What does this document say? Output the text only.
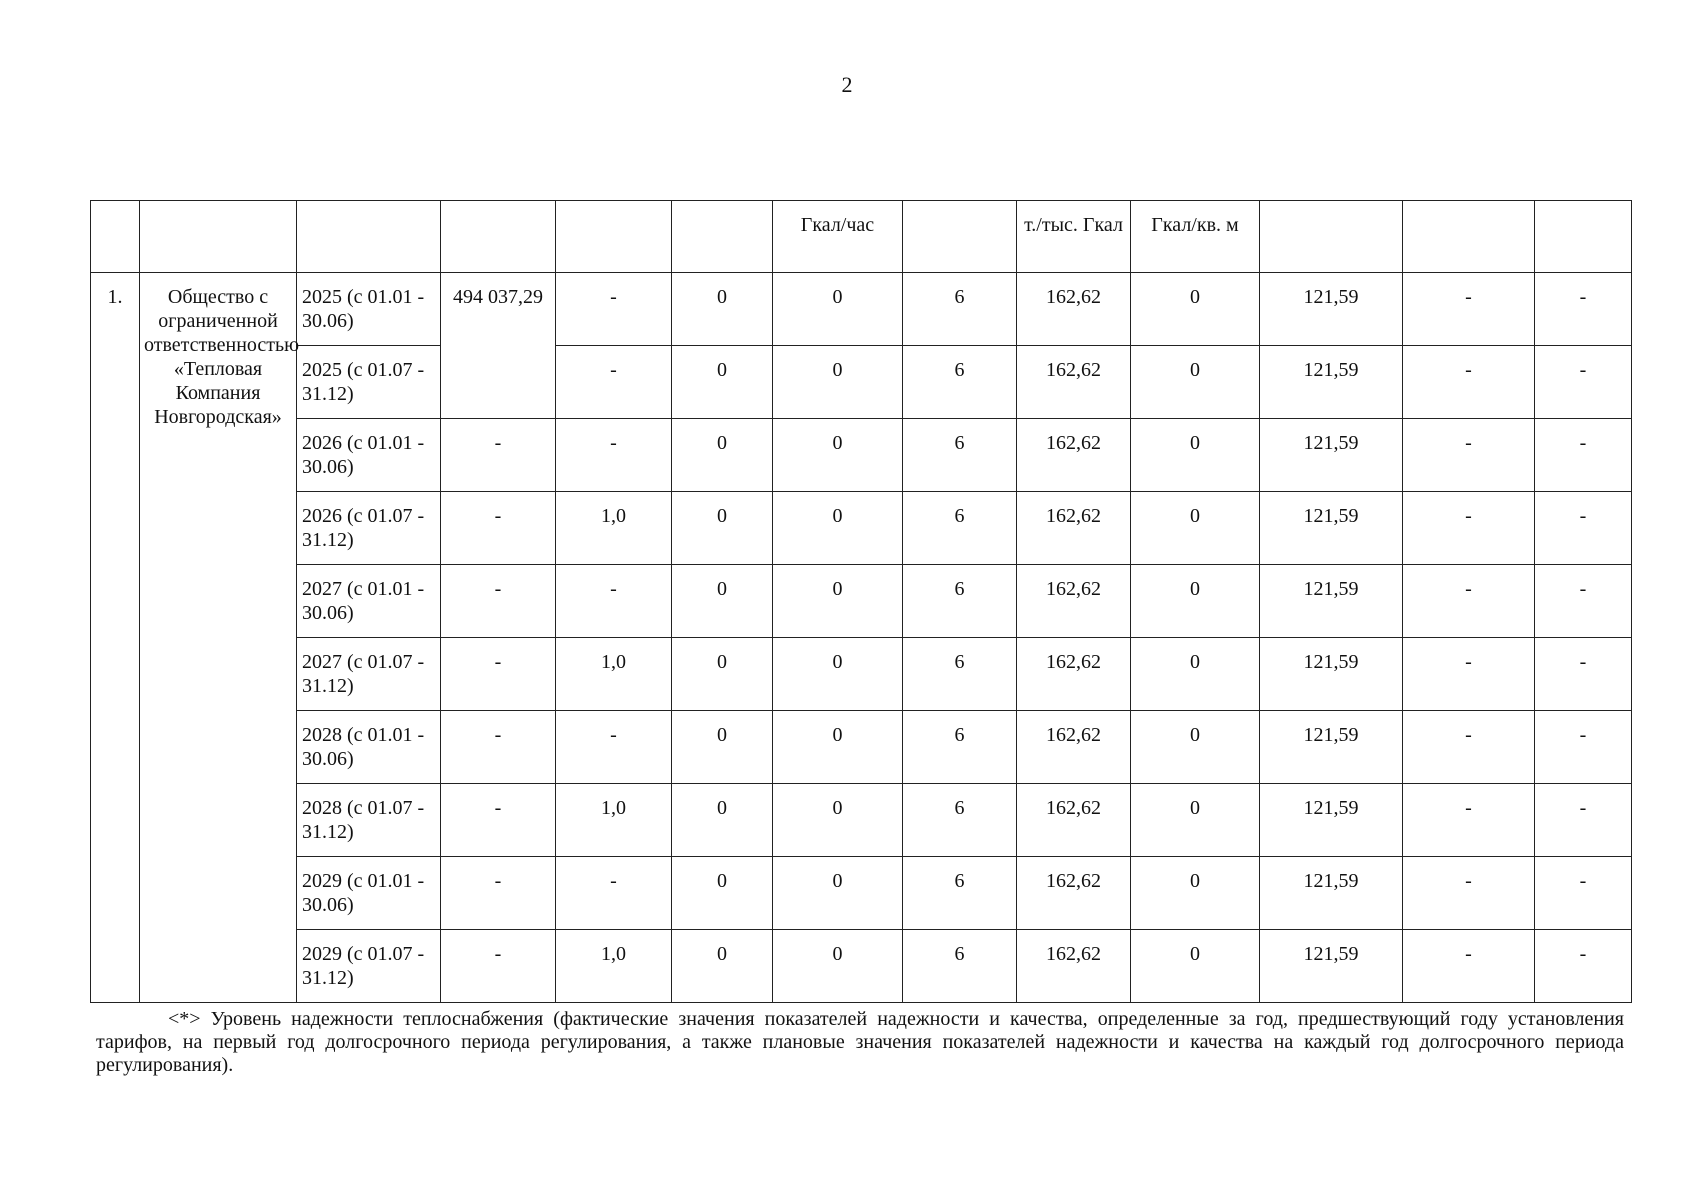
2
						Гкал/час		т./тыс. Гкал	Гкал/кв. м			
1.	Общество с ограниченной ответственностью «Тепловая Компания Новгородская»	2025 (с 01.01 - 30.06)	494 037,29	-	0	0	6	162,62	0	121,59	-	-
		2025 (с 01.07 - 31.12)		-	0	0	6	162,62	0	121,59	-	-
		2026 (с 01.01 - 30.06)	-	-	0	0	6	162,62	0	121,59	-	-
		2026 (с 01.07 - 31.12)	-	1,0	0	0	6	162,62	0	121,59	-	-
		2027 (с 01.01 - 30.06)	-	-	0	0	6	162,62	0	121,59	-	-
		2027 (с 01.07 - 31.12)	-	1,0	0	0	6	162,62	0	121,59	-	-
		2028 (с 01.01 - 30.06)	-	-	0	0	6	162,62	0	121,59	-	-
		2028 (с 01.07 - 31.12)	-	1,0	0	0	6	162,62	0	121,59	-	-
		2029 (с 01.01 - 30.06)	-	-	0	0	6	162,62	0	121,59	-	-
		2029 (с 01.07 - 31.12)	-	1,0	0	0	6	162,62	0	121,59	-	-
<*> Уровень надежности теплоснабжения (фактические значения показателей надежности и качества, определенные за год, предшествующий году установления тарифов, на первый год долгосрочного периода регулирования, а также плановые значения показателей надежности и качества на каждый год долгосрочного периода регулирования).
